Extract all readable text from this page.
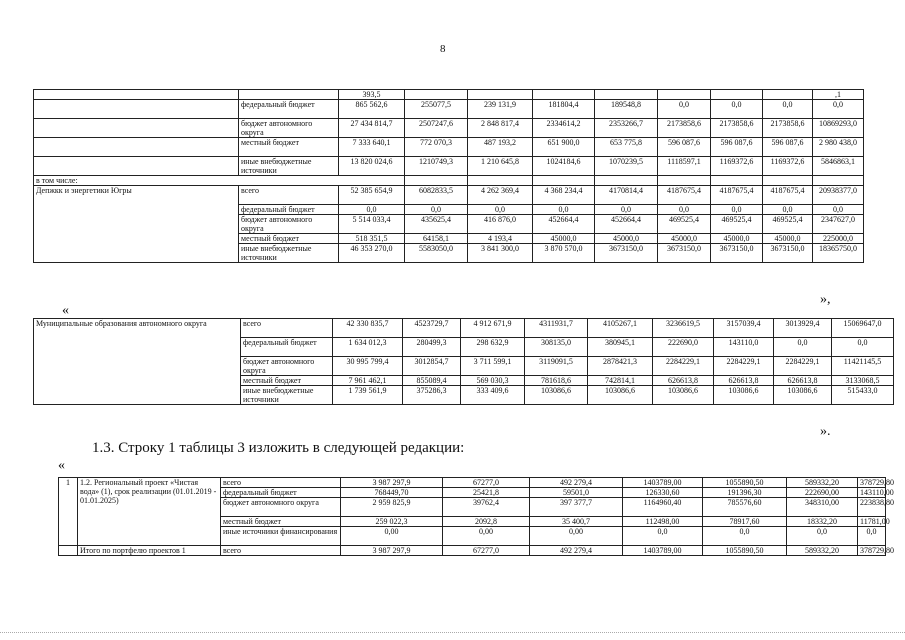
8
		393,5								,1
	федеральный бюджет	865 562,6	255077,5	239 131,9	181804,4	189548,8	0,0	0,0	0,0	0,0
	бюджет автономного округа	27 434 814,7	2507247,6	2 848 817,4	2334614,2	2353266,7	2173858,6	2173858,6	2173858,6	10869293,0
	местный бюджет	7 333 640,1	772 070,3	487 193,2	651 900,0	653 775,8	596 087,6	596 087,6	596 087,6	2 980 438,0
	иные внебюджетные источники	13 820 024,6	1210749,3	1 210 645,8	1024184,6	1070239,5	1118597,1	1169372,6	1169372,6	5846863,1
в том числе:										
Депжкк и энергетики Югры	всего	52 385 654,9	6082833,5	4 262 369,4	4 368 234,4	4170814,4	4187675,4	4187675,4	4187675,4	20938377,0
	федеральный бюджет	0,0	0,0	0,0	0,0	0,0	0,0	0,0	0,0	0,0
	бюджет автономного округа	5 514 033,4	435625,4	416 876,0	452664,4	452664,4	469525,4	469525,4	469525,4	2347627,0
	местный бюджет	518 351,5	64158,1	4 193,4	45000,0	45000,0	45000,0	45000,0	45000,0	225000,0
	иные внебюджетные источники	46 353 270,0	5583050,0	3 841 300,0	3 870 570,0	3673150,0	3673150,0	3673150,0	3673150,0	18365750,0
»,
«
Муниципальные образования автономного округа	всего	42 330 835,7	4523729,7	4 912 671,9	4311931,7	4105267,1	3236619,5	3157039,4	3013929,4	15069647,0
	федеральный бюджет	1 634 012,3	280499,3	298 632,9	308135,0	380945,1	222690,0	143110,0	0,0	0,0
	бюджет автономного округа	30 995 799,4	3012854,7	3 711 599,1	3119091,5	2878421,3	2284229,1	2284229,1	2284229,1	11421145,5
	местный бюджет	7 961 462,1	855089,4	569 030,3	781618,6	742814,1	626613,8	626613,8	626613,8	3133068,5
	иные внебюджетные источники	1 739 561,9	375286,3	333 409,6	103086,6	103086,6	103086,6	103086,6	103086,6	515433,0
».
1.3. Строку 1 таблицы 3 изложить в следующей редакции:
«
1	1.2. Региональный проект «Чистая вода» (1), срок реализации (01.01.2019 - 01.01.2025)	всего	3 987 297,9	67277,0	492 279,4	1403789,00	1055890,50	589332,20	378729,80	
		федеральный бюджет	768449,70	25421,8	59501,0	126330,60	191396,30	222690,00	143110,00	
		бюджет автономного округа	2 959 825,9	39762,4	397 377,7	1164960,40	785576,60	348310,00	223838,80	
		местный бюджет	259 022,3	2092,8	35 400,7	112498,00	78917,60	18332,20	11781,00	
		иные источники финансирования	0,00	0,00	0,00	0,0	0,0	0,0	0,0	
	Итого по портфелю проектов 1	всего	3 987 297,9	67277,0	492 279,4	1403789,00	1055890,50	589332,20	378729,80	
